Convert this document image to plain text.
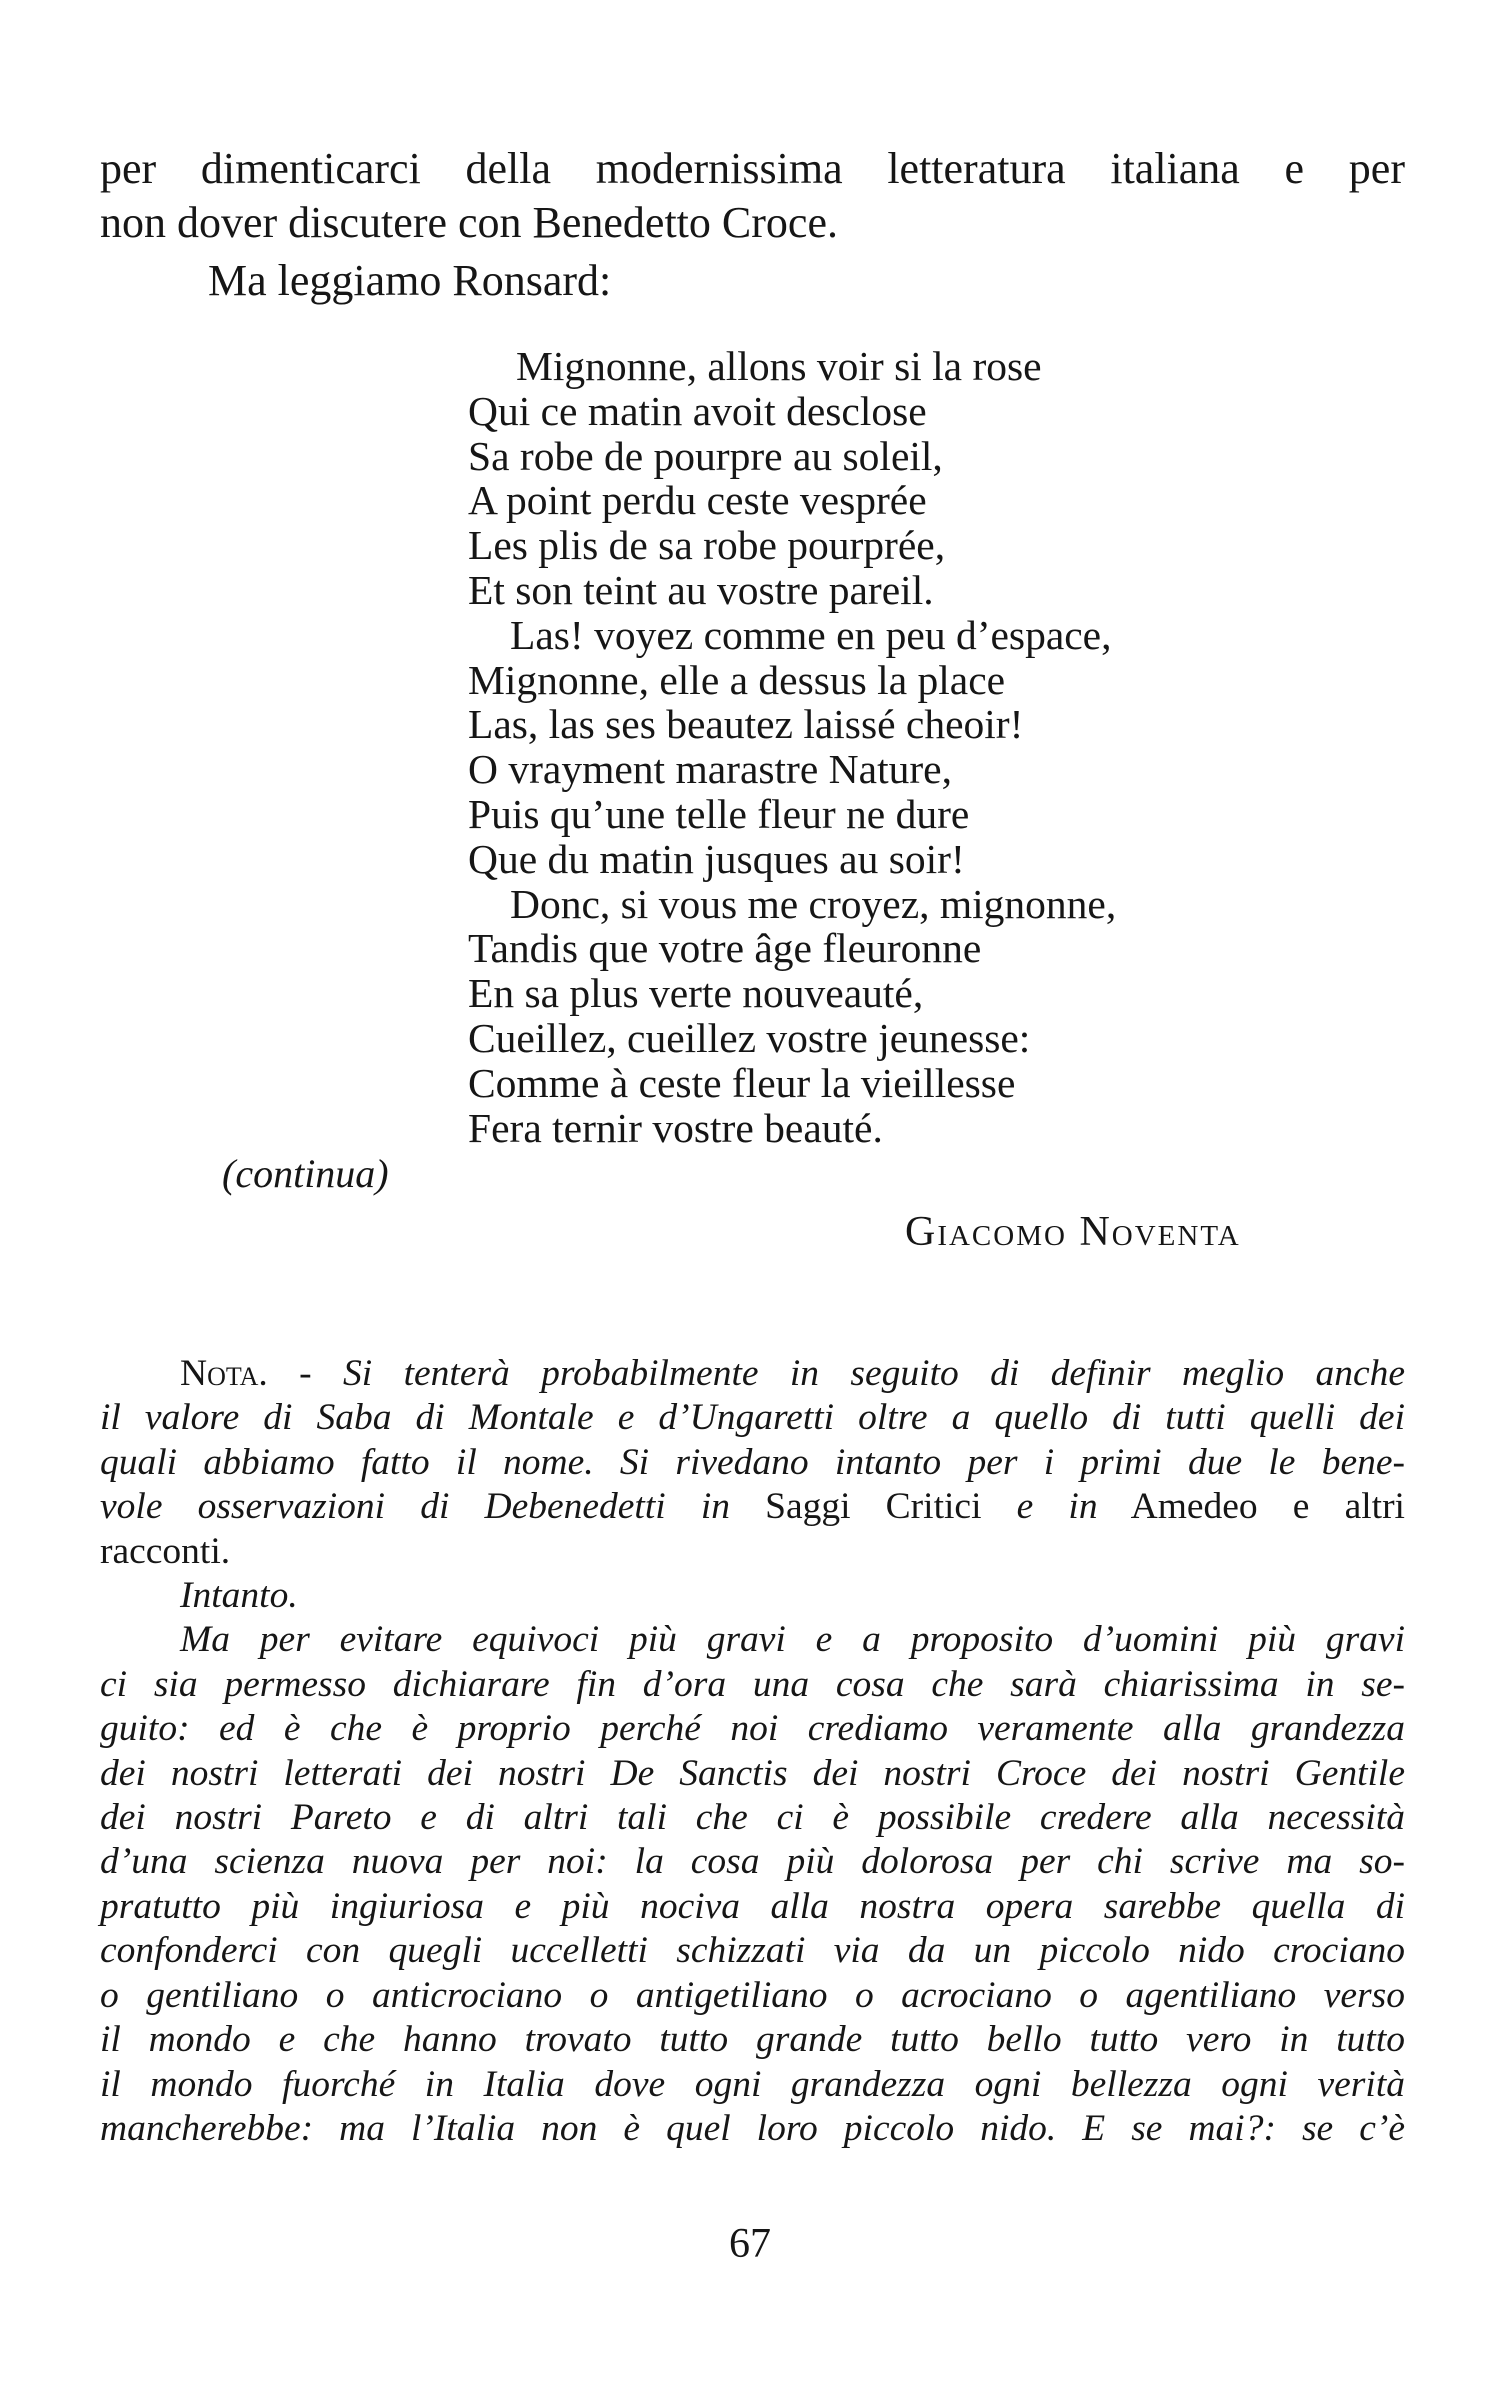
per dimenticarci della modernissima letteratura italiana e per
non dover discutere con Benedetto Croce.
Ma leggiamo Ronsard:
Mignonne, allons voir si la rose
Qui ce matin avoit desclose
Sa robe de pourpre au soleil,
A point perdu ceste vesprée
Les plis de sa robe pourprée,
Et son teint au vostre pareil.
Las! voyez comme en peu d’espace,
Mignonne, elle a dessus la place
Las, las ses beautez laissé cheoir!
O vrayment marastre Nature,
Puis qu’une telle fleur ne dure
Que du matin jusques au soir!
Donc, si vous me croyez, mignonne,
Tandis que votre âge fleuronne
En sa plus verte nouveauté,
Cueillez, cueillez vostre jeunesse:
Comme à ceste fleur la vieillesse
Fera ternir vostre beauté.
(continua)
Giacomo Noventa
Nota. - Si tenterà probabilmente in seguito di definir meglio anche
il valore di Saba di Montale e d’Ungaretti oltre a quello di tutti quelli dei
quali abbiamo fatto il nome. Si rivedano intanto per i primi due le bene-
vole osservazioni di Debenedetti in Saggi Critici e in Amedeo e altri
racconti.
Intanto.
Ma per evitare equivoci più gravi e a proposito d’uomini più gravi
ci sia permesso dichiarare fin d’ora una cosa che sarà chiarissima in se-
guito: ed è che è proprio perché noi crediamo veramente alla grandezza
dei nostri letterati dei nostri De Sanctis dei nostri Croce dei nostri Gentile
dei nostri Pareto e di altri tali che ci è possibile credere alla necessità
d’una scienza nuova per noi: la cosa più dolorosa per chi scrive ma so-
pratutto più ingiuriosa e più nociva alla nostra opera sarebbe quella di
confonderci con quegli uccelletti schizzati via da un piccolo nido crociano
o gentiliano o anticrociano o antigetiliano o acrociano o agentiliano verso
il mondo e che hanno trovato tutto grande tutto bello tutto vero in tutto
il mondo fuorché in Italia dove ogni grandezza ogni bellezza ogni verità
mancherebbe: ma l’Italia non è quel loro piccolo nido. E se mai?: se c’è
67
